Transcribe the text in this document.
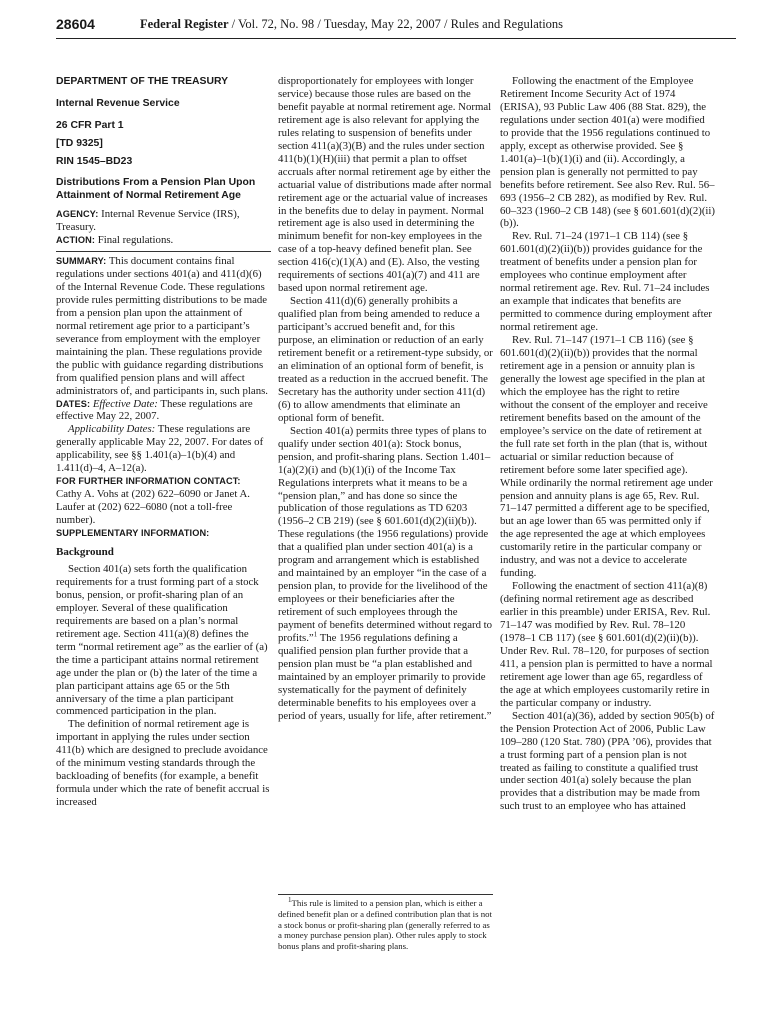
28604	Federal Register / Vol. 72, No. 98 / Tuesday, May 22, 2007 / Rules and Regulations
DEPARTMENT OF THE TREASURY
Internal Revenue Service
26 CFR Part 1
[TD 9325]
RIN 1545–BD23
Distributions From a Pension Plan Upon Attainment of Normal Retirement Age

AGENCY: Internal Revenue Service (IRS), Treasury.

ACTION: Final regulations.

SUMMARY: This document contains final regulations under sections 401(a) and 411(d)(6) of the Internal Revenue Code. These regulations provide rules permitting distributions to be made from a pension plan upon the attainment of normal retirement age prior to a participant’s severance from employment with the employer maintaining the plan. These regulations provide the public with guidance regarding distributions from qualified pension plans and will affect administrators of, and participants in, such plans.

DATES: Effective Date: These regulations are effective May 22, 2007.

Applicability Dates: These regulations are generally applicable May 22, 2007. For dates of applicability, see §§ 1.401(a)–1(b)(4) and 1.411(d)–4, A–12(a).

FOR FURTHER INFORMATION CONTACT:

Cathy A. Vohs at (202) 622–6090 or Janet A. Laufer at (202) 622–6080 (not a toll-free number).

SUPPLEMENTARY INFORMATION:

Background

Section 401(a) sets forth the qualification requirements for a trust forming part of a stock bonus, pension, or profit-sharing plan of an employer. Several of these qualification requirements are based on a plan’s normal retirement age. Section 411(a)(8) defines the term “normal retirement age” as the earlier of (a) the time a participant attains normal retirement age under the plan or (b) the later of the time a plan participant attains age 65 or the 5th anniversary of the time a plan participant commenced participation in the plan.

The definition of normal retirement age is important in applying the rules under section 411(b) which are designed to preclude avoidance of the minimum vesting standards through the backloading of benefits (for example, a benefit formula under which the rate of benefit accrual is increased

disproportionately for employees with longer service) because those rules are based on the benefit payable at normal retirement age. Normal retirement age is also relevant for applying the rules relating to suspension of benefits under section 411(a)(3)(B) and the rules under section 411(b)(1)(H)(iii) that permit a plan to offset accruals after normal retirement age by either the actuarial value of distributions made after normal retirement age or the actuarial value of increases in the benefits due to delay in payment. Normal retirement age is also used in determining the minimum benefit for non-key employees in the case of a top-heavy defined benefit plan. See section 416(c)(1)(A) and (E). Also, the vesting requirements of sections 401(a)(7) and 411 are based upon normal retirement age.

Section 411(d)(6) generally prohibits a qualified plan from being amended to reduce a participant’s accrued benefit and, for this purpose, an elimination or reduction of an early retirement benefit or a retirement-type subsidy, or an elimination of an optional form of benefit, is treated as a reduction in the accrued benefit. The Secretary has the authority under section 411(d)(6) to allow amendments that eliminate an optional form of benefit.

Section 401(a) permits three types of plans to qualify under section 401(a): Stock bonus, pension, and profit-sharing plans. Section 1.401–1(a)(2)(i) and (b)(1)(i) of the Income Tax Regulations interprets what it means to be a “pension plan,” and has done so since the publication of those regulations as TD 6203 (1956–2 CB 219) (see § 601.601(d)(2)(ii)(b)). These regulations (the 1956 regulations) provide that a qualified plan under section 401(a) is a program and arrangement which is established and maintained by an employer “in the case of a pension plan, to provide for the livelihood of the employees or their beneficiaries after the retirement of such employees through the payment of benefits determined without regard to profits.”$^1$ The 1956 regulations defining a qualified pension plan further provide that a pension plan must be “a plan established and maintained by an employer primarily to provide systematically for the payment of definitely determinable benefits to his employees over a period of years, usually for life, after retirement.”

$^1$This rule is limited to a pension plan, which is either a defined benefit plan or a defined contribution plan that is not a stock bonus or profit-sharing plan (generally referred to as a money purchase pension plan). Other rules apply to stock bonus plans and profit-sharing plans.

Following the enactment of the Employee Retirement Income Security Act of 1974 (ERISA), 93 Public Law 406 (88 Stat. 829), the regulations under section 401(a) were modified to provide that the 1956 regulations continued to apply, except as otherwise provided. See § 1.401(a)–1(b)(1)(i) and (ii). Accordingly, a pension plan is generally not permitted to pay benefits before retirement. See also Rev. Rul. 56–693 (1956–2 CB 282), as modified by Rev. Rul. 60–323 (1960–2 CB 148) (see § 601.601(d)(2)(ii)(b)).

Rev. Rul. 71–24 (1971–1 CB 114) (see § 601.601(d)(2)(ii)(b)) provides guidance for the treatment of benefits under a pension plan for employees who continue employment after normal retirement age. Rev. Rul. 71–24 includes an example that indicates that benefits are permitted to commence during employment after normal retirement age.

Rev. Rul. 71–147 (1971–1 CB 116) (see § 601.601(d)(2)(ii)(b)) provides that the normal retirement age in a pension or annuity plan is generally the lowest age specified in the plan at which the employee has the right to retire without the consent of the employer and receive retirement benefits based on the amount of the employee’s service on the date of retirement at the full rate set forth in the plan (that is, without actuarial or similar reduction because of retirement before some later specified age). While ordinarily the normal retirement age under pension and annuity plans is age 65, Rev. Rul. 71–147 permitted a different age to be specified, but an age lower than 65 was permitted only if the age represented the age at which employees customarily retire in the particular company or industry, and was not a device to accelerate funding.

Following the enactment of section 411(a)(8) (defining normal retirement age as described earlier in this preamble) under ERISA, Rev. Rul. 71–147 was modified by Rev. Rul. 78–120 (1978–1 CB 117) (see § 601.601(d)(2)(ii)(b)). Under Rev. Rul. 78–120, for purposes of section 411, a pension plan is permitted to have a normal retirement age lower than age 65, regardless of the age at which employees customarily retire in the particular company or industry.

Section 401(a)(36), added by section 905(b) of the Pension Protection Act of 2006, Public Law 109–280 (120 Stat. 780) (PPA ’06), provides that a trust forming part of a pension plan is not treated as failing to constitute a qualified trust under section 401(a) solely because the plan provides that a distribution may be made from such trust to an employee who has attained
